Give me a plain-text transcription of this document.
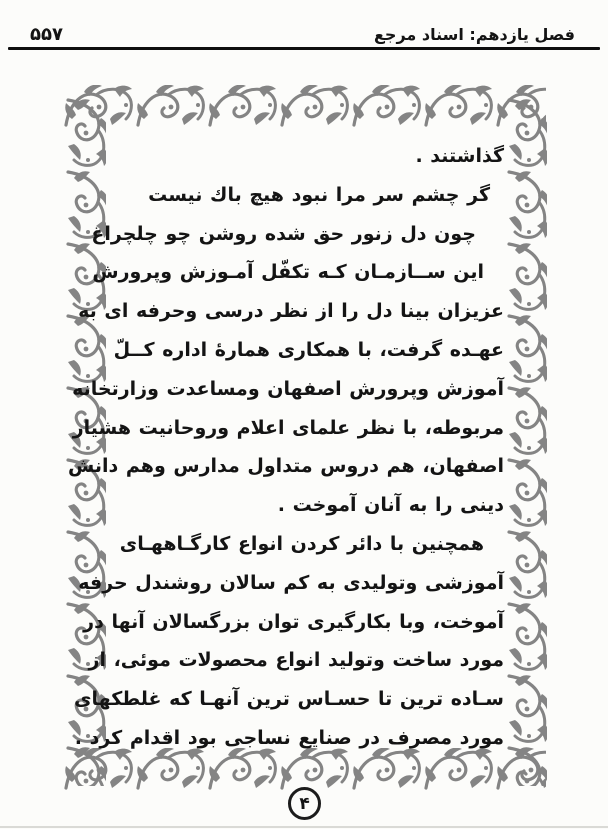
۵۵۷	فصل یازدهم: اسناد مرجع
گذاشتند .
گر چشم سر مرا نبود هیچ باك نیست
چون دل زنور حق شده روشن چو چلچراغ
این ســازمـان کـه تکفّل آمـوزش وپرورش
عزیزان بینا دل را از نظر درسی وحرفه ای به
عهـده گرفت، با همکاری همارهٔ اداره کــلّ
آموزش وپرورش اصفهان ومساعدت وزارتخانه
مربوطه، با نظر علمای اعلام وروحانیت هشیار
اصفهان، هم دروس متداول مدارس وهم دانش
دینی را به آنان آموخت .
همچنین با دائر کردن انواع کارگـاههـای
آموزشی وتولیدی به کم سالان روشندل حرفه
آموخت، وبا بکارگیری توان بزرگسالان آنها در
مورد ساخت وتولید انواع محصولات موئی، از
سـاده ترین تا حسـاس ترین آنهـا که غلطکهای
مورد مصرف در صنایع نساجی بود اقدام کرد .
۴
